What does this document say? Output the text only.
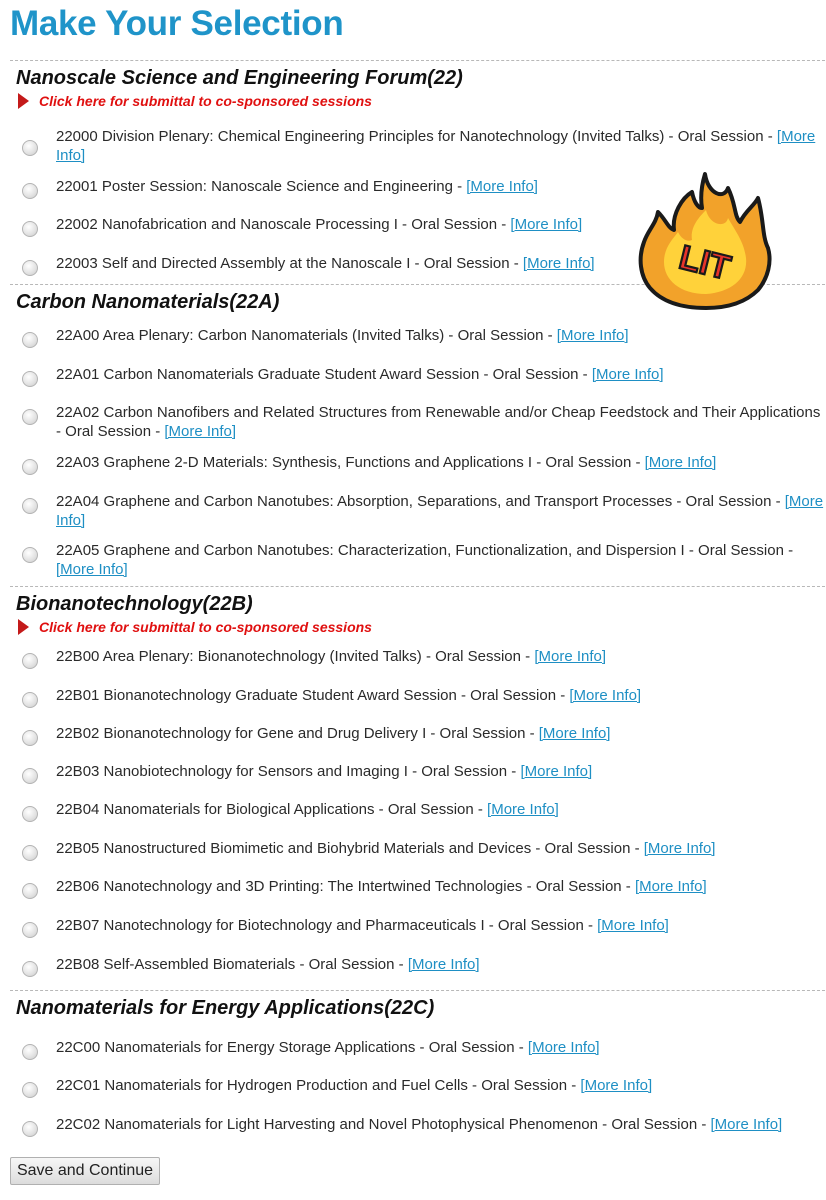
Make Your Selection
Nanoscale Science and Engineering Forum(22)
Click here for submittal to co-sponsored sessions
22000 Division Plenary: Chemical Engineering Principles for Nanotechnology (Invited Talks) - Oral Session - [More Info]
22001 Poster Session: Nanoscale Science and Engineering - [More Info]
22002 Nanofabrication and Nanoscale Processing I - Oral Session - [More Info]
22003 Self and Directed Assembly at the Nanoscale I - Oral Session - [More Info]
Carbon Nanomaterials(22A)
22A00 Area Plenary: Carbon Nanomaterials (Invited Talks) - Oral Session - [More Info]
22A01 Carbon Nanomaterials Graduate Student Award Session - Oral Session - [More Info]
22A02 Carbon Nanofibers and Related Structures from Renewable and/or Cheap Feedstock and Their Applications - Oral Session - [More Info]
22A03 Graphene 2-D Materials: Synthesis, Functions and Applications I - Oral Session - [More Info]
22A04 Graphene and Carbon Nanotubes: Absorption, Separations, and Transport Processes - Oral Session - [More Info]
22A05 Graphene and Carbon Nanotubes: Characterization, Functionalization, and Dispersion I - Oral Session - [More Info]
Bionanotechnology(22B)
Click here for submittal to co-sponsored sessions
22B00 Area Plenary: Bionanotechnology (Invited Talks) - Oral Session - [More Info]
22B01 Bionanotechnology Graduate Student Award Session - Oral Session - [More Info]
22B02 Bionanotechnology for Gene and Drug Delivery I - Oral Session - [More Info]
22B03 Nanobiotechnology for Sensors and Imaging I - Oral Session - [More Info]
22B04 Nanomaterials for Biological Applications - Oral Session - [More Info]
22B05 Nanostructured Biomimetic and Biohybrid Materials and Devices - Oral Session - [More Info]
22B06 Nanotechnology and 3D Printing: The Intertwined Technologies - Oral Session - [More Info]
22B07 Nanotechnology for Biotechnology and Pharmaceuticals I - Oral Session - [More Info]
22B08 Self-Assembled Biomaterials - Oral Session - [More Info]
Nanomaterials for Energy Applications(22C)
22C00 Nanomaterials for Energy Storage Applications - Oral Session - [More Info]
22C01 Nanomaterials for Hydrogen Production and Fuel Cells - Oral Session - [More Info]
22C02 Nanomaterials for Light Harvesting and Novel Photophysical Phenomenon - Oral Session - [More Info]
LIT
Save and Continue
